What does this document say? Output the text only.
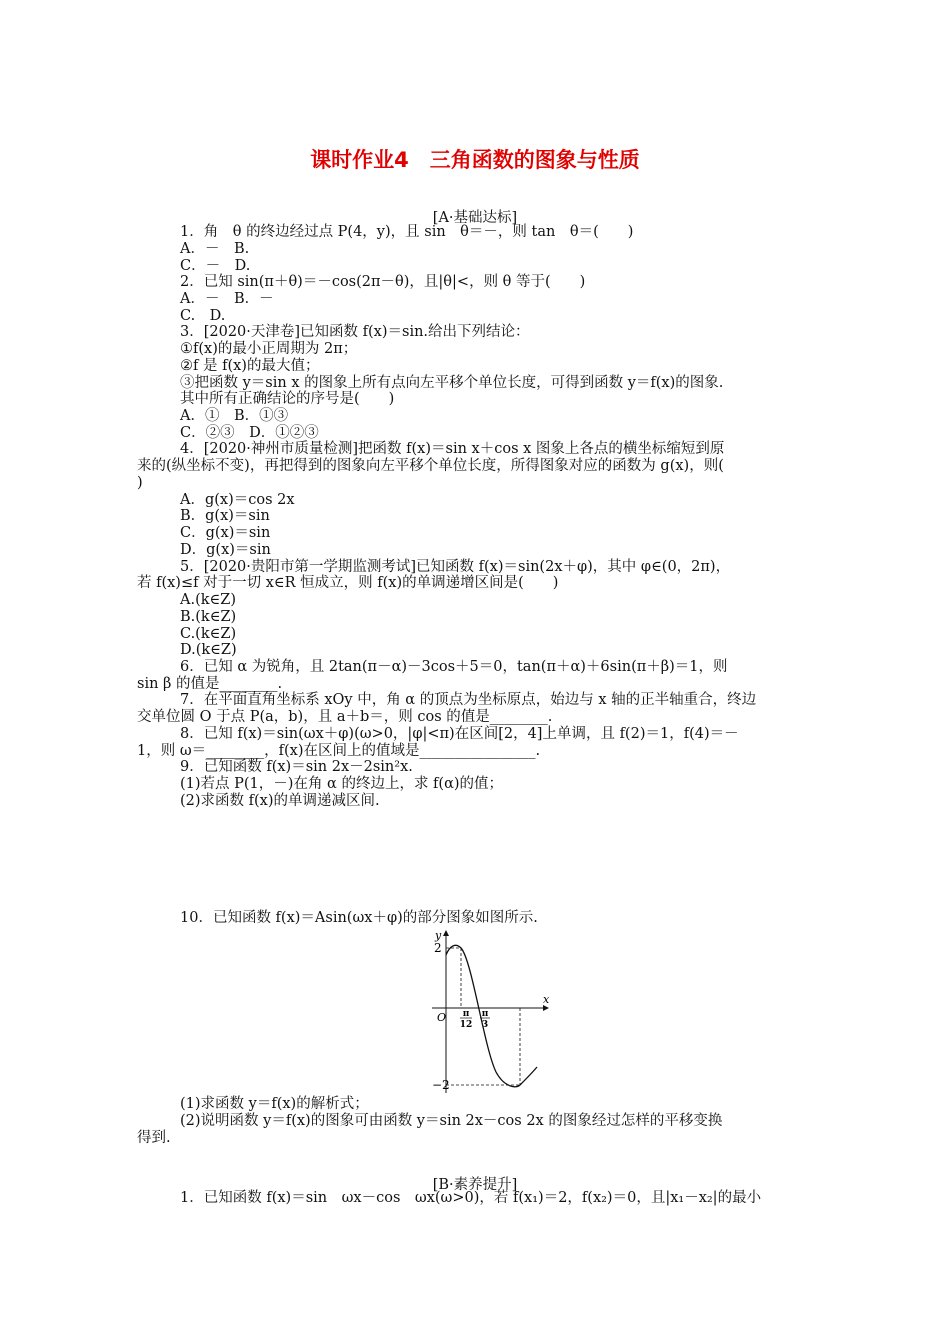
课时作业4　三角函数的图象与性质
[A·基础达标]
1．角　θ 的终边经过点 P(4，y)，且 sin　θ＝－，则 tan　θ＝(　　)
A．－　B.
C．－　D.
2．已知 sin(π＋θ)＝－cos(2π－θ)，且|θ|<，则 θ 等于(　　)
A．－　B．－
C.　D.
3．[2020·天津卷]已知函数 f(x)＝sin.给出下列结论：
①f(x)的最小正周期为 2π；
②f 是 f(x)的最大值；
③把函数 y＝sin x 的图象上所有点向左平移个单位长度，可得到函数 y＝f(x)的图象.
其中所有正确结论的序号是(　　)
A．①　B．①③
C．②③　D．①②③
4．[2020·神州市质量检测]把函数 f(x)＝sin x＋cos x 图象上各点的横坐标缩短到原
来的(纵坐标不变)，再把得到的图象向左平移个单位长度，所得图象对应的函数为 g(x)，则(
)
A．g(x)＝cos 2x
B．g(x)＝sin
C．g(x)＝sin
D．g(x)＝sin
5．[2020·贵阳市第一学期监测考试]已知函数 f(x)＝sin(2x＋φ)，其中 φ∈(0，2π)，
若 f(x)≤f 对于一切 x∈R 恒成立，则 f(x)的单调递增区间是(　　)
A.(k∈Z)
B.(k∈Z)
C.(k∈Z)
D.(k∈Z)
6．已知 α 为锐角，且 2tan(π－α)－3cos＋5＝0，tan(π＋α)＋6sin(π＋β)＝1，则
sin β 的值是________.
7．在平面直角坐标系 xOy 中，角 α 的顶点为坐标原点，始边与 x 轴的正半轴重合，终边
交单位圆 O 于点 P(a，b)，且 a＋b＝，则 cos 的值是________.
8．已知 f(x)＝sin(ωx＋φ)(ω>0，|φ|<π)在区间[2，4]上单调，且 f(2)＝1，f(4)＝－
1，则 ω＝________，f(x)在区间上的值域是________________.
9．已知函数 f(x)＝sin 2x－2sin²x.
(1)若点 P(1，－)在角 α 的终边上，求 f(α)的值；
(2)求函数 f(x)的单调递减区间.
10．已知函数 f(x)＝Asin(ωx＋φ)的部分图象如图所示.
y
x
2
−2
O π
12
π
3
(1)求函数 y＝f(x)的解析式；
(2)说明函数 y＝f(x)的图象可由函数 y＝sin 2x－cos 2x 的图象经过怎样的平移变换
得到.
[B·素养提升]
1．已知函数 f(x)＝sin　ωx－cos　ωx(ω>0)，若 f(x₁)＝2，f(x₂)＝0，且|x₁－x₂|的最小
